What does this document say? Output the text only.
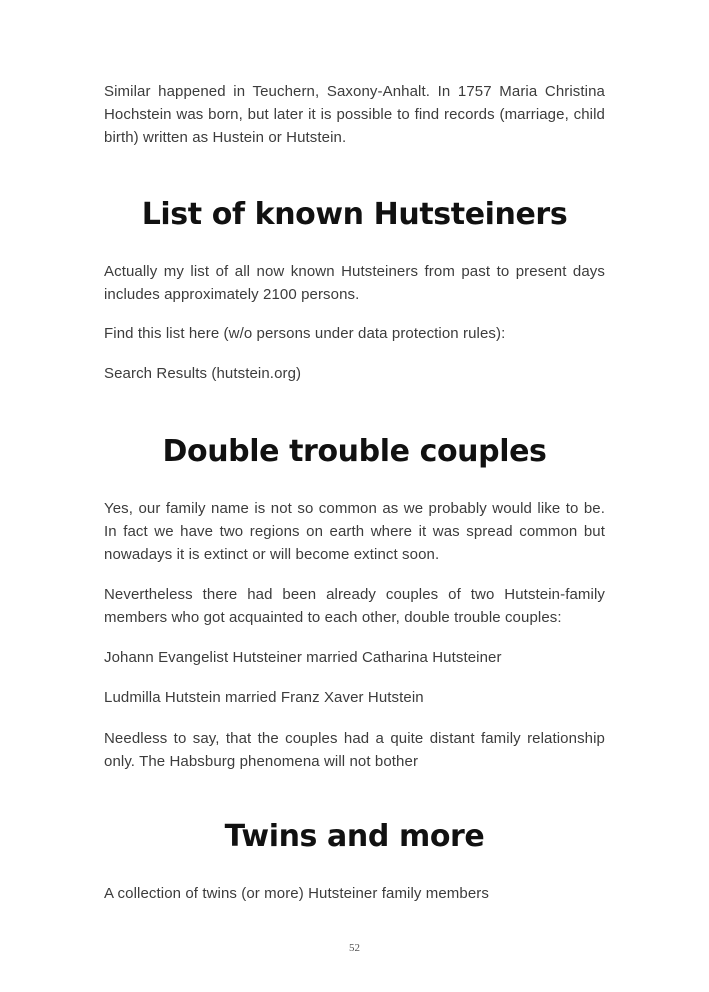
Similar happened in Teuchern, Saxony-Anhalt. In 1757 Maria Christina Hochstein was born, but later it is possible to find records (marriage, child birth) written as Hustein or Hutstein.

List of known Hutsteiners

Actually my list of all now known Hutsteiners from past to present days includes approximately 2100 persons.

Find this list here (w/o persons under data protection rules):

Search Results (hutstein.org)

Double trouble couples

Yes, our family name is not so common as we probably would like to be. In fact we have two regions on earth where it was spread common but nowadays it is extinct or will become extinct soon.

Nevertheless there had been already couples of two Hutstein-family members who got acquainted to each other, double trouble couples:

Johann Evangelist Hutsteiner married Catharina Hutsteiner

Ludmilla Hutstein married Franz Xaver Hutstein

Needless to say, that the couples had a quite distant family relationship only. The Habsburg phenomena will not bother

Twins and more

A collection of twins (or more) Hutsteiner family members

52
